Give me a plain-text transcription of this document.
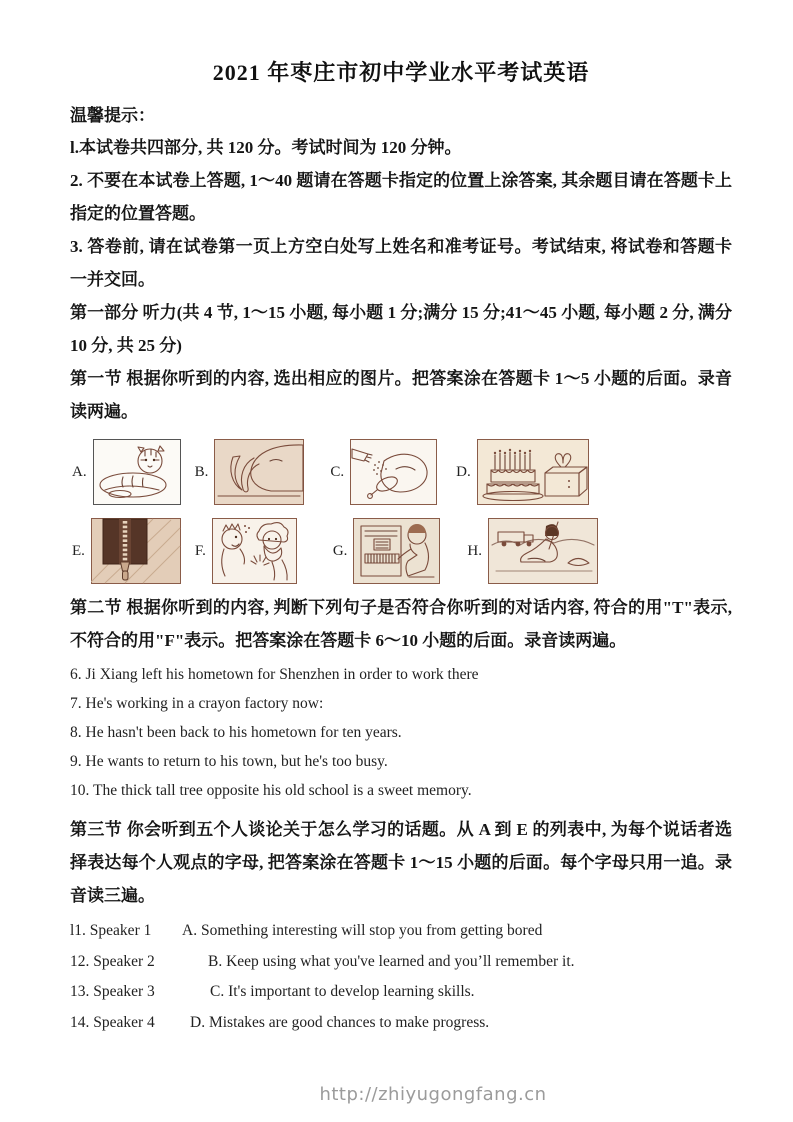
2021 年枣庄市初中学业水平考试英语

温馨提示：

l.本试卷共四部分, 共 120 分。考试时间为 120 分钟。

2. 不要在本试卷上答题, 1～40 题请在答题卡指定的位置上涂答案, 其余题目请在答题卡上指定的位置答题。

3. 答卷前, 请在试卷第一页上方空白处写上姓名和准考证号。考试结束, 将试卷和答题卡一并交回。

第一部分 听力(共 4 节, 1～15 小题, 每小题 1 分;满分 15 分;41～45 小题, 每小题 2 分, 满分 10 分, 共 25 分)

第一节 根据你听到的内容, 选出相应的图片。把答案涂在答题卡 1～5 小题的后面。录音读两遍。

A.	B.	C.	D.
E.	F.	G.	H.

第二节 根据你听到的内容, 判断下列句子是否符合你听到的对话内容, 符合的用"T"表示, 不符合的用"F"表示。把答案涂在答题卡 6～10 小题的后面。录音读两遍。

6. Ji Xiang left his hometown for Shenzhen in order to work there

7. He's working in a crayon factory now:

8. He hasn't been back to his hometown for ten years.

9. He wants to return to his town, but he's too busy.

10. The thick tall tree opposite his old school is a sweet memory.

第三节 你会听到五个人谈论关于怎么学习的话题。从 A 到 E 的列表中, 为每个说话者选择表达每个人观点的字母, 把答案涂在答题卡 1～15 小题的后面。每个字母只用一追。录音读三遍。

l1. Speaker 1	A. Something interesting will stop you from getting bored
12. Speaker 2	B. Keep using what you've learned and you’ll remember it.
13. Speaker 3	C. It's important to develop learning skills.
14. Speaker 4	D. Mistakes are good chances to make progress.
http://zhiyugongfang.cn
